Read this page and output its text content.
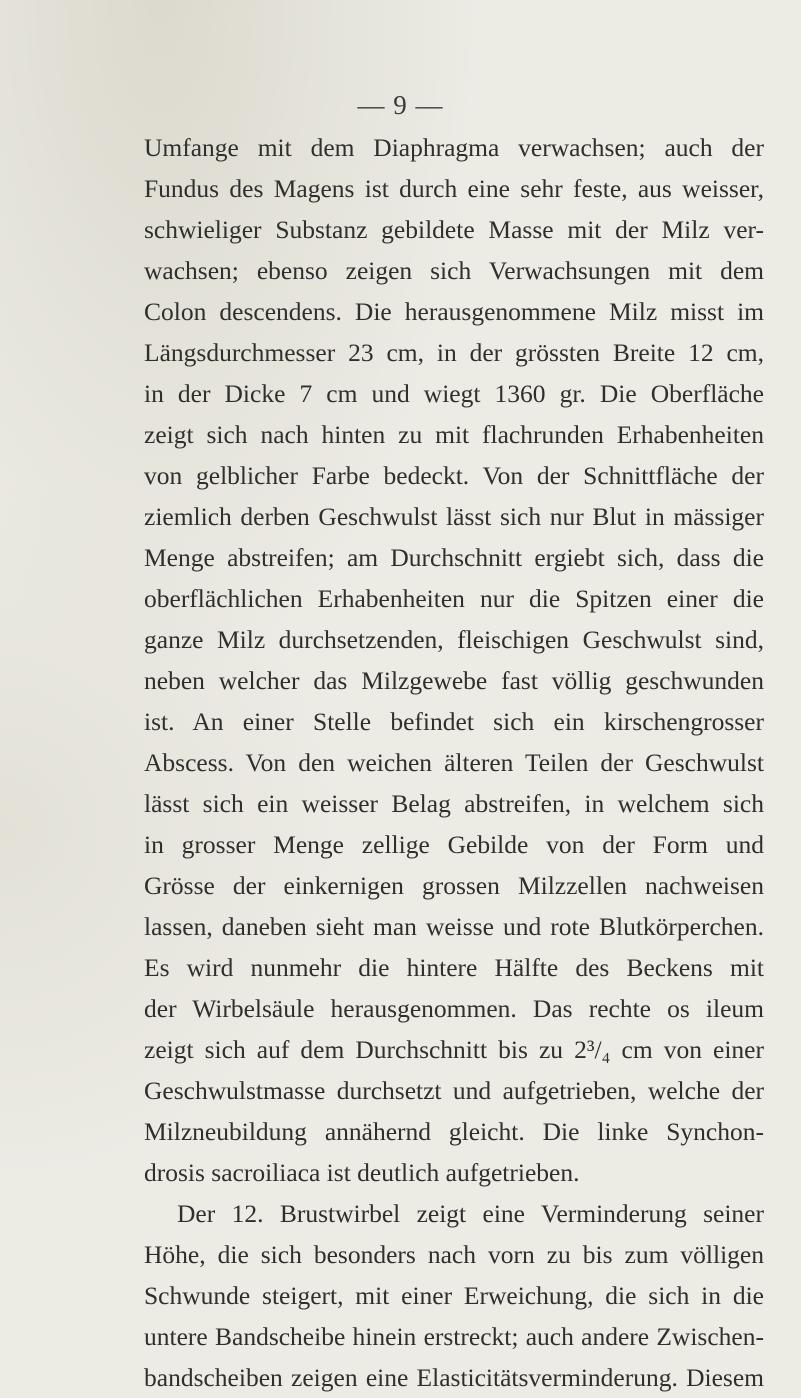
— 9 —
Umfange mit dem Diaphragma verwachsen; auch der
Fundus des Magens ist durch eine sehr feste, aus weisser,
schwieliger Substanz gebildete Masse mit der Milz ver-
wachsen; ebenso zeigen sich Verwachsungen mit dem
Colon descendens. Die herausgenommene Milz misst im
Längsdurchmesser 23 cm, in der grössten Breite 12 cm,
in der Dicke 7 cm und wiegt 1360 gr. Die Oberfläche
zeigt sich nach hinten zu mit flachrunden Erhabenheiten
von gelblicher Farbe bedeckt. Von der Schnittfläche der
ziemlich derben Geschwulst lässt sich nur Blut in mässiger
Menge abstreifen; am Durchschnitt ergiebt sich, dass die
oberflächlichen Erhabenheiten nur die Spitzen einer die
ganze Milz durchsetzenden, fleischigen Geschwulst sind,
neben welcher das Milzgewebe fast völlig geschwunden
ist. An einer Stelle befindet sich ein kirschengrosser
Abscess. Von den weichen älteren Teilen der Geschwulst
lässt sich ein weisser Belag abstreifen, in welchem sich
in grosser Menge zellige Gebilde von der Form und
Grösse der einkernigen grossen Milzzellen nachweisen
lassen, daneben sieht man weisse und rote Blutkörperchen.
Es wird nunmehr die hintere Hälfte des Beckens mit
der Wirbelsäule herausgenommen. Das rechte os ileum
zeigt sich auf dem Durchschnitt bis zu 2³/₄ cm von einer
Geschwulstmasse durchsetzt und aufgetrieben, welche der
Milzneubildung annähernd gleicht. Die linke Synchon-
drosis sacroiliaca ist deutlich aufgetrieben.
Der 12. Brustwirbel zeigt eine Verminderung seiner
Höhe, die sich besonders nach vorn zu bis zum völligen
Schwunde steigert, mit einer Erweichung, die sich in die
untere Bandscheibe hinein erstreckt; auch andere Zwischen-
bandscheiben zeigen eine Elasticitätsverminderung. Diesem
